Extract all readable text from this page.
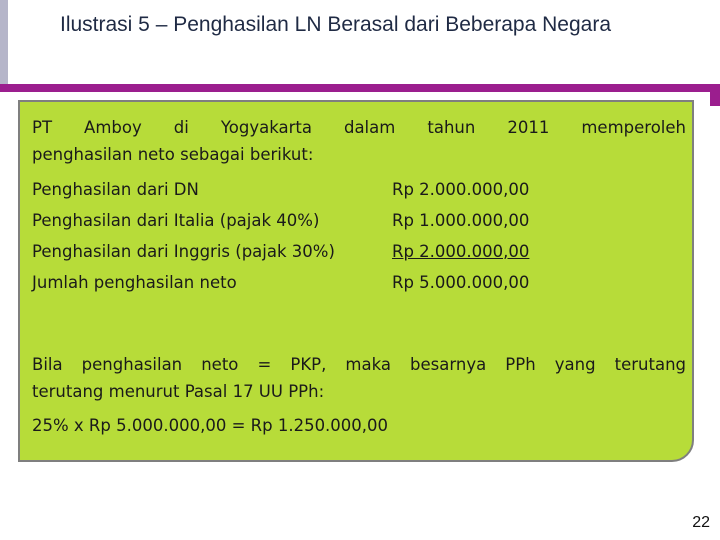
Ilustrasi 5 – Penghasilan LN Berasal dari Beberapa Negara
PT Amboy di Yogyakarta dalam tahun 2011 memperoleh
penghasilan neto sebagai berikut:
Penghasilan dari DN	Rp 2.000.000,00
Penghasilan dari Italia (pajak 40%)	Rp 1.000.000,00
Penghasilan dari Inggris (pajak 30%)	Rp 2.000.000,00
Jumlah penghasilan neto	Rp 5.000.000,00
Bila penghasilan neto = PKP, maka besarnya PPh yang terutang
terutang menurut Pasal 17 UU PPh:
25% x Rp 5.000.000,00 = Rp 1.250.000,00
22
